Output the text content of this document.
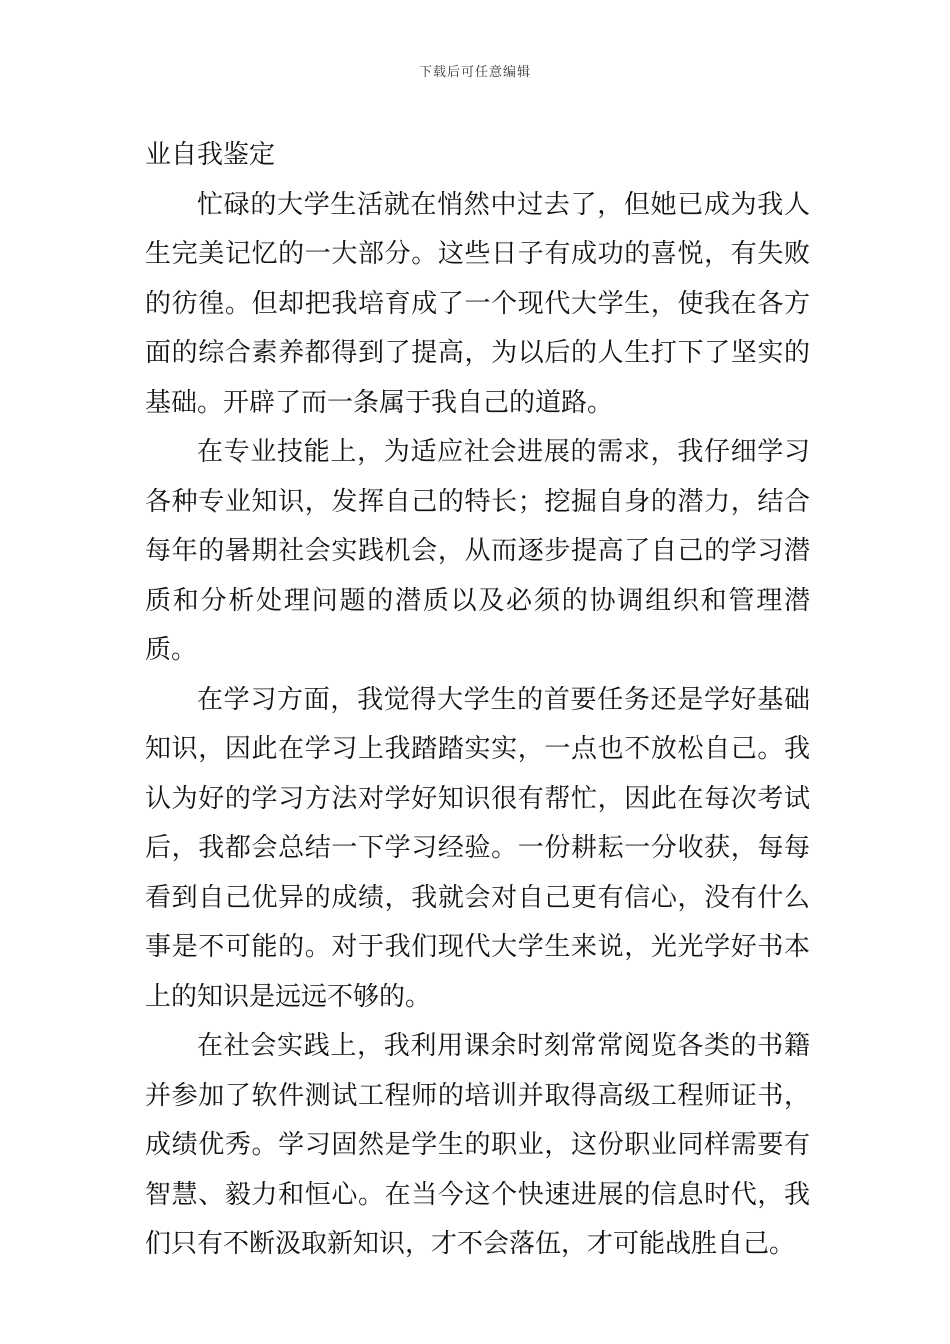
下载后可任意编辑
业自我鉴定

忙碌的大学生活就在悄然中过去了，但她已成为我人生完美记忆的一大部分。这些日子有成功的喜悦，有失败的彷徨。但却把我培育成了一个现代大学生，使我在各方面的综合素养都得到了提高，为以后的人生打下了坚实的基础。开辟了而一条属于我自己的道路。

在专业技能上，为适应社会进展的需求，我仔细学习各种专业知识，发挥自己的特长；挖掘自身的潜力，结合每年的暑期社会实践机会，从而逐步提高了自己的学习潜质和分析处理问题的潜质以及必须的协调组织和管理潜质。

在学习方面，我觉得大学生的首要任务还是学好基础知识，因此在学习上我踏踏实实，一点也不放松自己。我认为好的学习方法对学好知识很有帮忙，因此在每次考试后，我都会总结一下学习经验。一份耕耘一分收获，每每看到自己优异的成绩，我就会对自己更有信心，没有什么事是不可能的。对于我们现代大学生来说，光光学好书本上的知识是远远不够的。

在社会实践上，我利用课余时刻常常阅览各类的书籍并参加了软件测试工程师的培训并取得高级工程师证书，成绩优秀。学习固然是学生的职业，这份职业同样需要有智慧、毅力和恒心。在当今这个快速进展的信息时代，我们只有不断汲取新知识，才不会落伍，才可能战胜自己。
